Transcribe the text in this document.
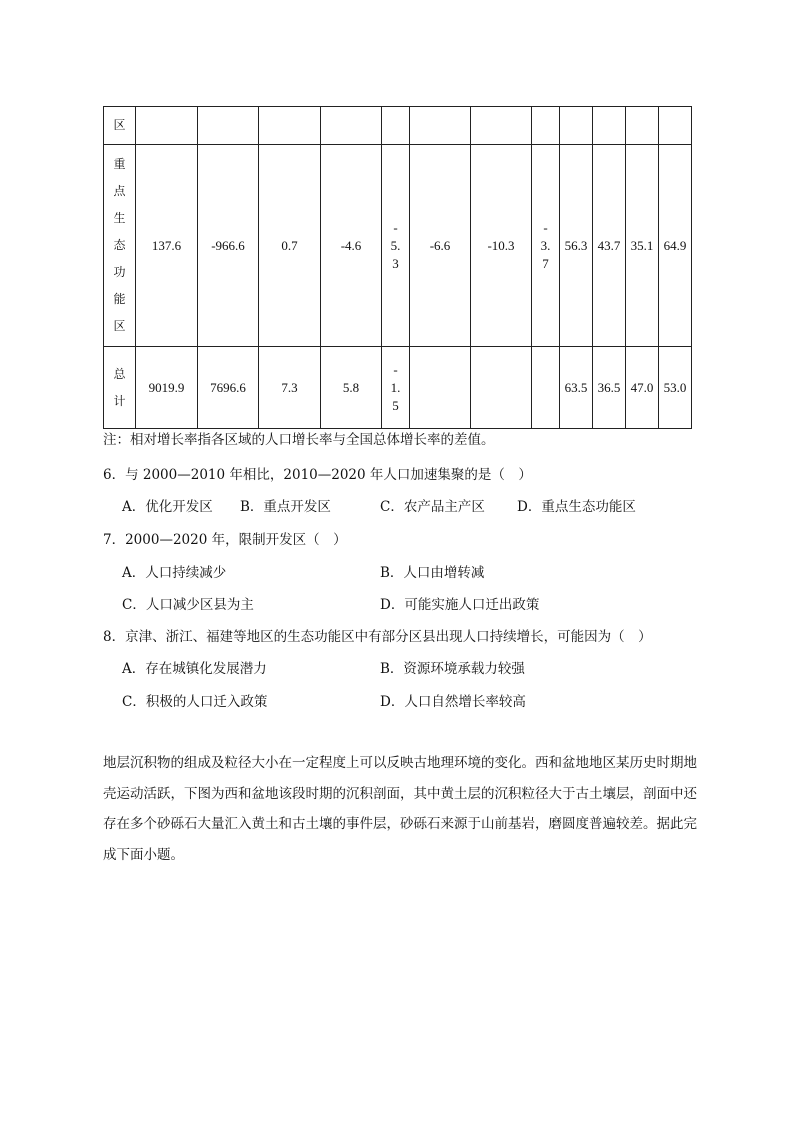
区												
重点生态功能区	137.6	-966.6	0.7	-4.6	-5.3	-6.6	-10.3	-3.7	56.3	43.7	35.1	64.9
总计	9019.9	7696.6	7.3	5.8	-1.5				63.5	36.5	47.0	53.0
注：相对增长率指各区域的人口增长率与全国总体增长率的差值。
6．与 2000—2010 年相比，2010—2020 年人口加速集聚的是（　）
A．优化开发区 B．重点开发区	C．农产品主产区 D．重点生态功能区
7．2000—2020 年，限制开发区（　）
A．人口持续减少	B．人口由增转减
C．人口减少区县为主	D．可能实施人口迁出政策
8．京津、浙江、福建等地区的生态功能区中有部分区县出现人口持续增长，可能因为（　）
A．存在城镇化发展潜力	B．资源环境承载力较强
C．积极的人口迁入政策	D．人口自然增长率较高
地层沉积物的组成及粒径大小在一定程度上可以反映古地理环境的变化。西和盆地地区某历史时期地壳运动活跃，下图为西和盆地该段时期的沉积剖面，其中黄土层的沉积粒径大于古土壤层，剖面中还存在多个砂砾石大量汇入黄土和古土壤的事件层，砂砾石来源于山前基岩，磨圆度普遍较差。据此完成下面小题。
